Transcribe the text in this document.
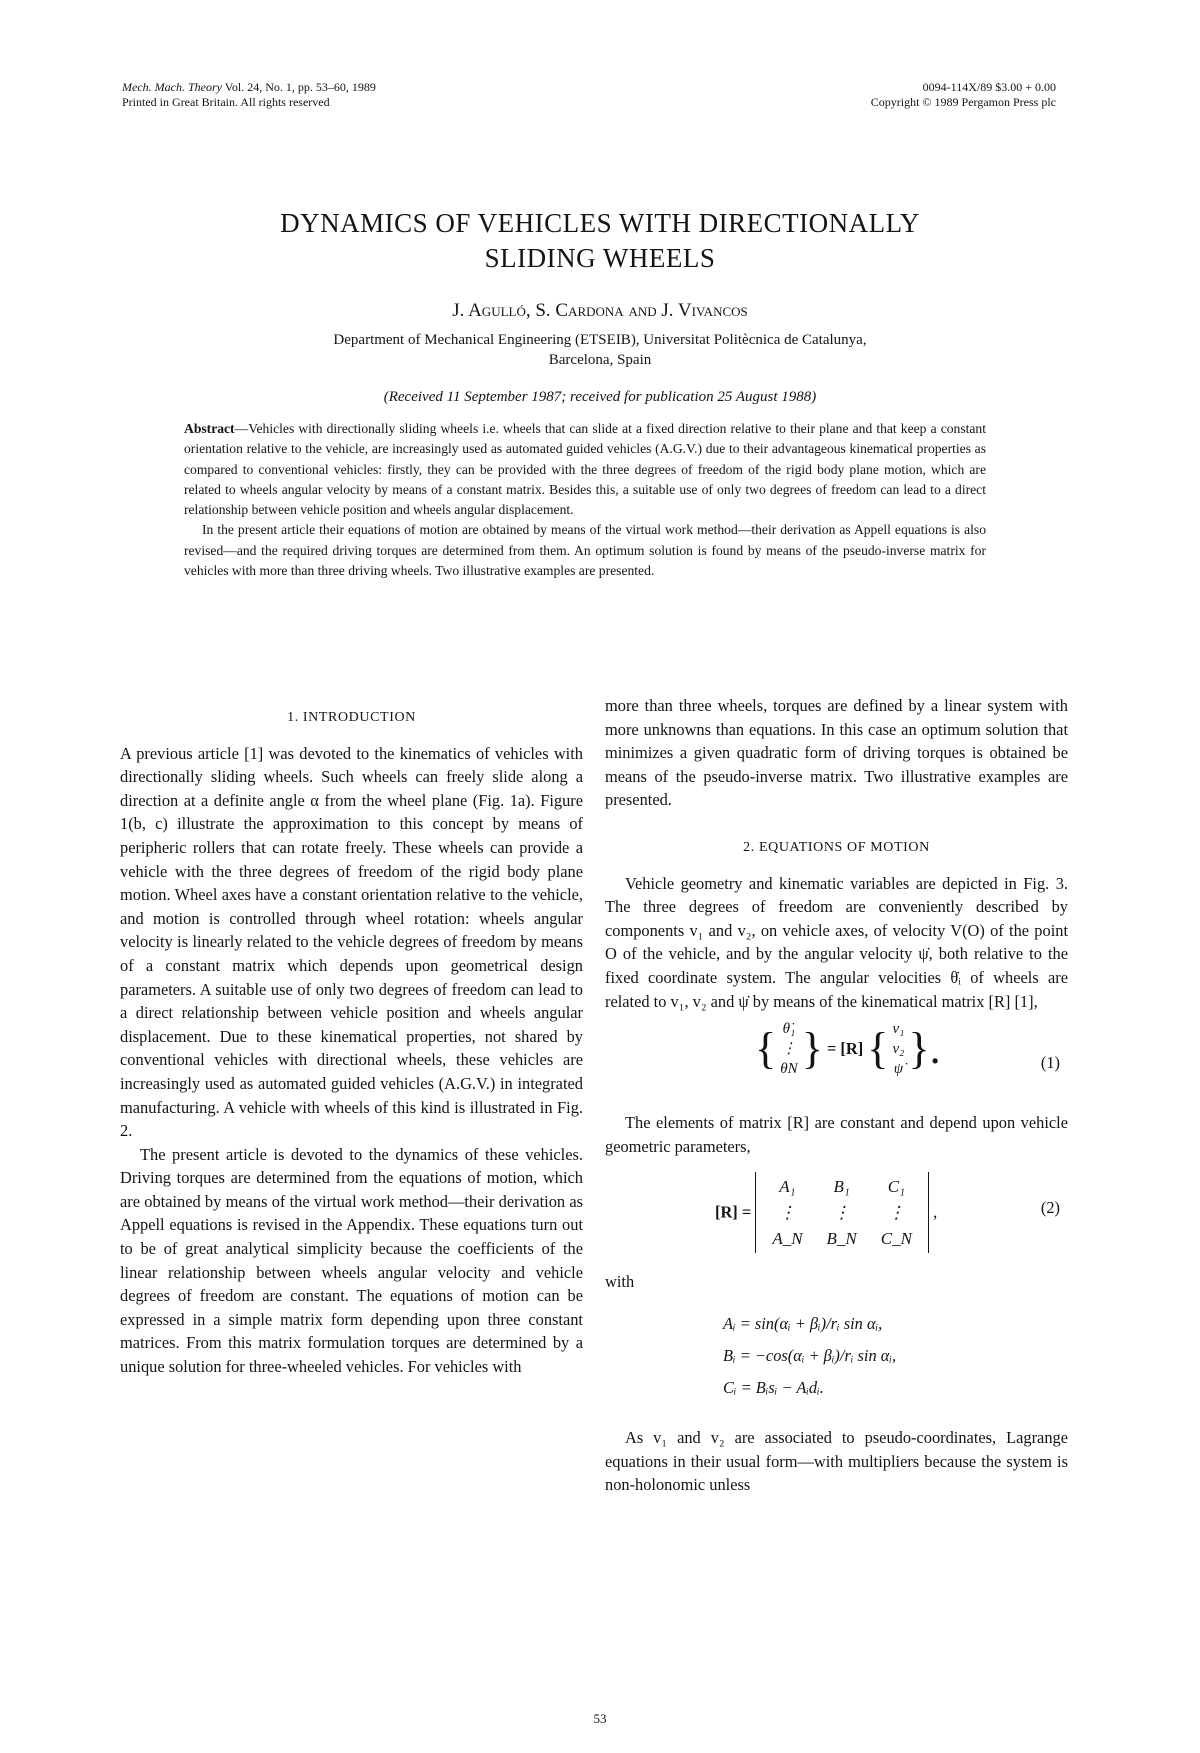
Mech. Mach. Theory Vol. 24, No. 1, pp. 53–60, 1989
Printed in Great Britain. All rights reserved
0094-114X/89 $3.00 + 0.00
Copyright © 1989 Pergamon Press plc
DYNAMICS OF VEHICLES WITH DIRECTIONALLY
SLIDING WHEELS
J. Agulló, S. Cardona and J. Vivancos
Department of Mechanical Engineering (ETSEIB), Universitat Politècnica de Catalunya,
Barcelona, Spain
(Received 11 September 1987; received for publication 25 August 1988)

Abstract—Vehicles with directionally sliding wheels i.e. wheels that can slide at a fixed direction relative to their plane and that keep a constant orientation relative to the vehicle, are increasingly used as automated guided vehicles (A.G.V.) due to their advantageous kinematical properties as compared to conventional vehicles: firstly, they can be provided with the three degrees of freedom of the rigid body plane motion, which are related to wheels angular velocity by means of a constant matrix. Besides this, a suitable use of only two degrees of freedom can lead to a direct relationship between vehicle position and wheels angular displacement.

In the present article their equations of motion are obtained by means of the virtual work method—their derivation as Appell equations is also revised—and the required driving torques are determined from them. An optimum solution is found by means of the pseudo-inverse matrix for vehicles with more than three driving wheels. Two illustrative examples are presented.

1. INTRODUCTION

A previous article [1] was devoted to the kinematics of vehicles with directionally sliding wheels. Such wheels can freely slide along a direction at a definite angle α from the wheel plane (Fig. 1a). Figure 1(b, c) illustrate the approximation to this concept by means of peripheric rollers that can rotate freely. These wheels can provide a vehicle with the three degrees of freedom of the rigid body plane motion. Wheel axes have a constant orientation relative to the vehicle, and motion is controlled through wheel rotation: wheels angular velocity is linearly related to the vehicle degrees of freedom by means of a constant matrix which depends upon geometrical design parameters. A suitable use of only two degrees of freedom can lead to a direct relationship between vehicle position and wheels angular displacement. Due to these kinematical properties, not shared by conventional vehicles with directional wheels, these vehicles are increasingly used as automated guided vehicles (A.G.V.) in integrated manufacturing. A vehicle with wheels of this kind is illustrated in Fig. 2.

The present article is devoted to the dynamics of these vehicles. Driving torques are determined from the equations of motion, which are obtained by means of the virtual work method—their derivation as Appell equations is revised in the Appendix. These equations turn out to be of great analytical simplicity because the coefficients of the linear relationship between wheels angular velocity and vehicle degrees of freedom are constant. The equations of motion can be expressed in a simple matrix form depending upon three constant matrices. From this matrix formulation torques are determined by a unique solution for three-wheeled vehicles. For vehicles with

more than three wheels, torques are defined by a linear system with more unknowns than equations. In this case an optimum solution that minimizes a given quadratic form of driving torques is obtained be means of the pseudo-inverse matrix. Two illustrative examples are presented.

2. EQUATIONS OF MOTION

Vehicle geometry and kinematic variables are depicted in Fig. 3. The three degrees of freedom are conveniently described by components v₁ and v₂, on vehicle axes, of velocity V(O) of the point O of the vehicle, and by the angular velocity ψ̇, both relative to the fixed coordinate system. The angular velocities θ̇ᵢ of wheels are related to v₁, v₂ and ψ̇ by means of the kinematical matrix [R] [1],

{ θ̇₁
⋮
θ̇N } = [R] { v₁
v₂
ψ̇ }.	(1)

The elements of matrix [R] are constant and depend upon vehicle geometric parameters,

[R] =
A₁	B₁	C₁
⋮	⋮	⋮
A_N	B_N	C_N
,	(2)

with

Aᵢ = sin(αᵢ + βᵢ)/rᵢ sin αᵢ,
Bᵢ = −cos(αᵢ + βᵢ)/rᵢ sin αᵢ,
Cᵢ = Bᵢsᵢ − Aᵢdᵢ.

As v₁ and v₂ are associated to pseudo-coordinates, Lagrange equations in their usual form—with multipliers because the system is non-holonomic unless

53
